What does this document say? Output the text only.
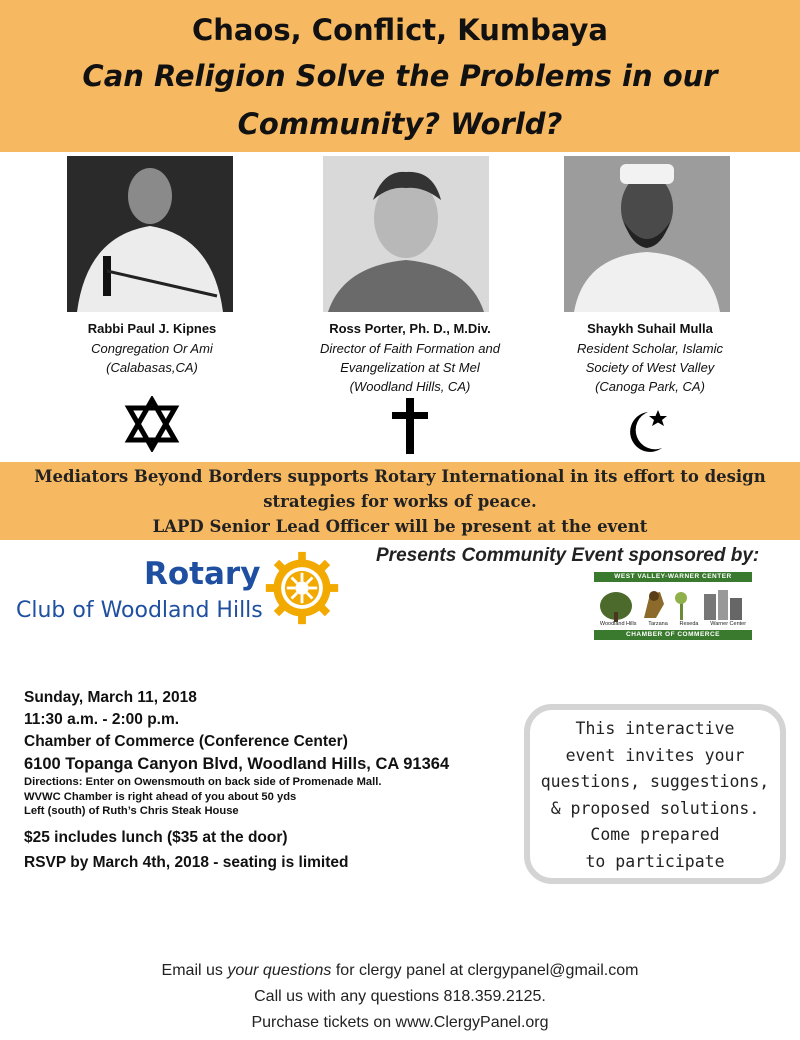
Chaos, Conflict, Kumbaya
Can Religion Solve the Problems in our
Community? World?
Rabbi Paul J. Kipnes
Congregation Or Ami
(Calabasas,CA)
Ross Porter, Ph. D., M.Div.
Director of Faith Formation and
Evangelization at St Mel
(Woodland Hills, CA)
Shaykh Suhail Mulla
Resident Scholar, Islamic
Society of West Valley
(Canoga Park, CA)
Mediators Beyond Borders supports Rotary International in its effort to design
strategies for works of peace.
LAPD Senior Lead Officer will be present at the event
Rotary
Club of Woodland Hills
Presents Community Event sponsored by:
WEST VALLEY-WARNER CENTER
Woodland Hills Tarzana Reseda Warner Center
CHAMBER OF COMMERCE
Sunday, March 11, 2018
11:30 a.m. - 2:00 p.m.
Chamber of Commerce (Conference Center)
6100 Topanga Canyon Blvd, Woodland Hills, CA 91364
Directions: Enter on Owensmouth on back side of Promenade Mall.
WVWC Chamber is right ahead of you about 50 yds
Left (south) of Ruth’s Chris Steak House
$25 includes lunch ($35 at the door)
RSVP by March 4th, 2018 - seating is limited
This interactive
event invites your
questions, suggestions,
& proposed solutions.
Come prepared
to participate
Email us your questions for clergy panel at clergypanel@gmail.com
Call us with any questions 818.359.2125.
Purchase tickets on www.ClergyPanel.org
